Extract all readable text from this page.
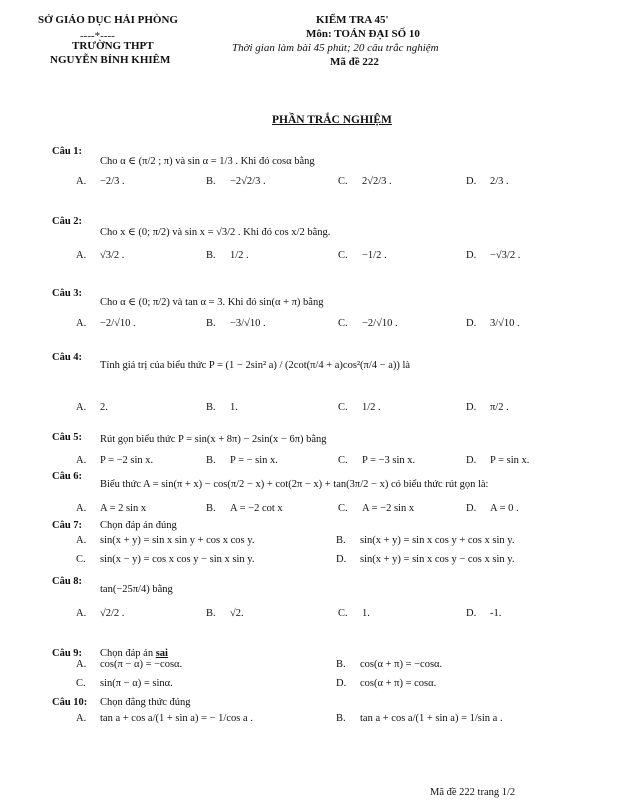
SỞ GIÁO DỤC HẢI PHÒNG
----*----
TRƯỜNG THPT
NGUYỄN BỈNH KHIÊM
KIỂM TRA 45'
Môn: TOÁN ĐẠI SỐ 10
Thời gian làm bài 45 phút; 20 câu trắc nghiệm
Mã đề 222
PHẦN TRẮC NGHIỆM
Câu 1:
Cho α ∈ (π/2 ; π) và sin α = 1/3 . Khi đó cosα bằng
A. −2/3 .	B. −2√2/3 .	C. 2√2/3 .	D. 2/3 .
Câu 2:
Cho x ∈ (0; π/2) và sin x = √3/2 . Khi đó cos x/2 bằng.
A. √3/2 .	B. 1/2 .	C. −1/2 .	D. −√3/2 .
Câu 3:
Cho α ∈ (0; π/2) và tan α = 3. Khi đó sin(α + π) bằng
A. −2/√10 .	B. −3/√10 .	C. −2/√10 .	D. 3/√10 .
Câu 4:
Tính giá trị của biểu thức P = (1 − 2sin² a) / (2cot(π/4 + a)cos²(π/4 − a)) là
A. 2.	B. 1.	C. 1/2 .	D. π/2 .
Câu 5: Rút gọn biểu thức P = sin(x + 8π) − 2sin(x − 6π) bằng
A. P = −2 sin x.	B. P = − sin x.	C. P = −3 sin x.	D. P = sin x.
Câu 6:
Biểu thức A = sin(π + x) − cos(π/2 − x) + cot(2π − x) + tan(3π/2 − x) có biểu thức rút gọn là:
A. A = 2 sin x	B. A = −2 cot x	C. A = −2 sin x	D. A = 0 .
Câu 7: Chọn đáp án đúng
A. sin(x + y) = sin x sin y + cos x cos y.	B. sin(x + y) = sin x cos y + cos x sin y.
C. sin(x − y) = cos x cos y − sin x sin y.	D. sin(x + y) = sin x cos y − cos x sin y.
Câu 8:
tan(−25π/4) bằng
A. √2/2 .	B. √2.	C. 1.	D. -1.
Câu 9: Chọn đáp án sai
A. cos(π − α) = −cosα.	B. cos(α + π) = −cosα.
C. sin(π − α) = sinα.	D. cos(α + π) = cosα.
Câu 10: Chọn đẳng thức đúng
A. tan a + cos a/(1 + sin a) = − 1/cos a .	B. tan a + cos a/(1 + sin a) = 1/sin a .
Mã đề 222 trang 1/2
